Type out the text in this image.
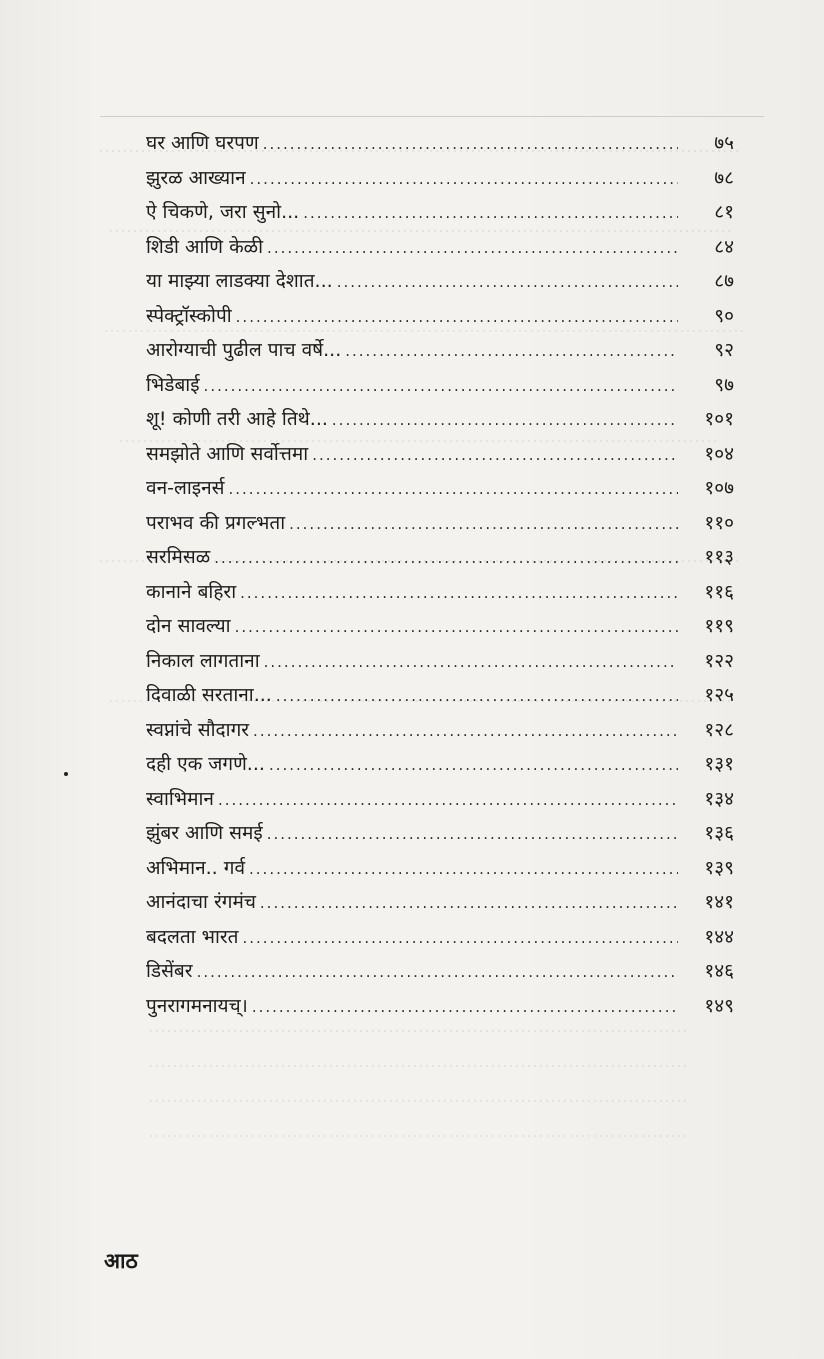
घर आणि घरपण .....	७५
झुरळ आख्यान .....	७८
ऐ चिकणे, जरा सुनो... .....	८१
शिडी आणि केळी .....	८४
या माझ्या लाडक्या देशात... .....	८७
स्पेक्ट्रॉस्कोपी .....	९०
आरोग्याची पुढील पाच वर्षे... .....	९२
भिडेबाई .....	९७
शू! कोणी तरी आहे तिथे... .....	१०१
समझोते आणि सर्वोत्तमा .....	१०४
वन-लाइनर्स .....	१०७
पराभव की प्रगल्भता .....	११०
सरमिसळ .....	११३
कानाने बहिरा .....	११६
दोन सावल्या .....	११९
निकाल लागताना .....	१२२
दिवाळी सरताना... .....	१२५
स्वप्नांचे सौदागर .....	१२८
दही एक जगणे... .....	१३१
स्वाभिमान .....	१३४
झुंबर आणि समई .....	१३६
अभिमान.. गर्व .....	१३९
आनंदाचा रंगमंच .....	१४१
बदलता भारत .....	१४४
डिसेंबर .....	१४६
पुनरागमनायच्। .....	१४९
आठ
